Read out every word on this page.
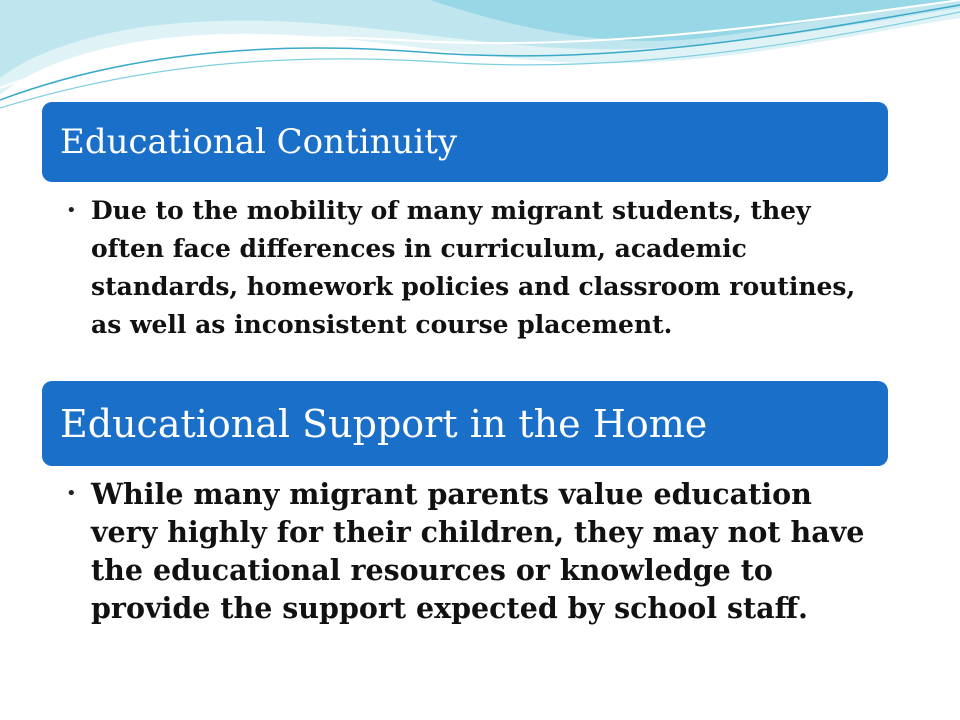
Educational Continuity
• Due to the mobility of many migrant students, they often face differences in curriculum, academic standards, homework policies and classroom routines, as well as inconsistent course placement.

Educational Support in the Home
• While many migrant parents value education very highly for their children, they may not have the educational resources or knowledge to provide the support expected by school staff.
